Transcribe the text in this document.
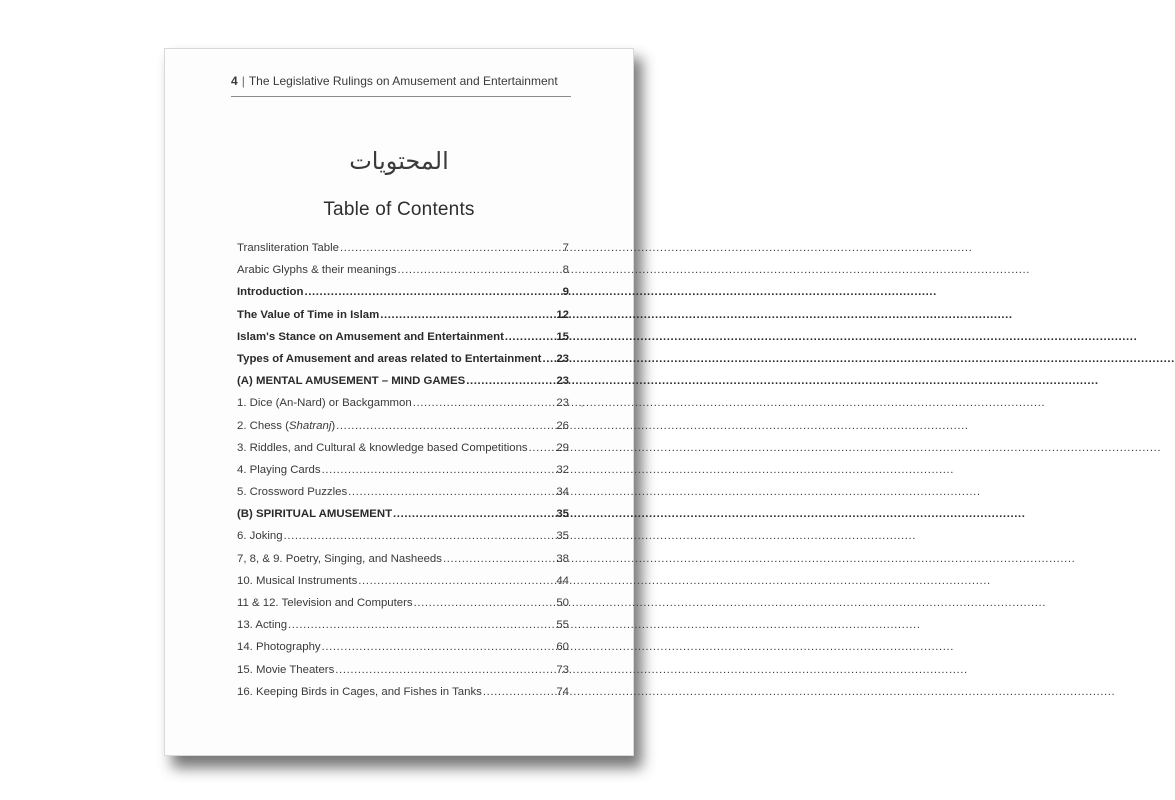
4 | The Legislative Rulings on Amusement and Entertainment
المحتويات
Table of Contents
Transliteration Table .....	7
Arabic Glyphs & their meanings .....	8
Introduction .....	9
The Value of Time in Islam .....	12
Islam's Stance on Amusement and Entertainment .....	15
Types of Amusement and areas related to Entertainment ..... 23
(A) MENTAL AMUSEMENT – MIND GAMES .....	23
1. Dice (An-Nard) or Backgammon .....	23
2. Chess (Shatranj) .....	26
3. Riddles, and Cultural & knowledge based Competitions .....	29
4. Playing Cards .....	32
5. Crossword Puzzles .....	34
(B) SPIRITUAL AMUSEMENT .....	35
6. Joking .....	35
7, 8, & 9. Poetry, Singing, and Nasheeds .....	38
10. Musical Instruments .....	44
11 & 12. Television and Computers .....	50
13. Acting .....	55
14. Photography .....	60
15. Movie Theaters .....	73
16. Keeping Birds in Cages, and Fishes in Tanks .....	74
